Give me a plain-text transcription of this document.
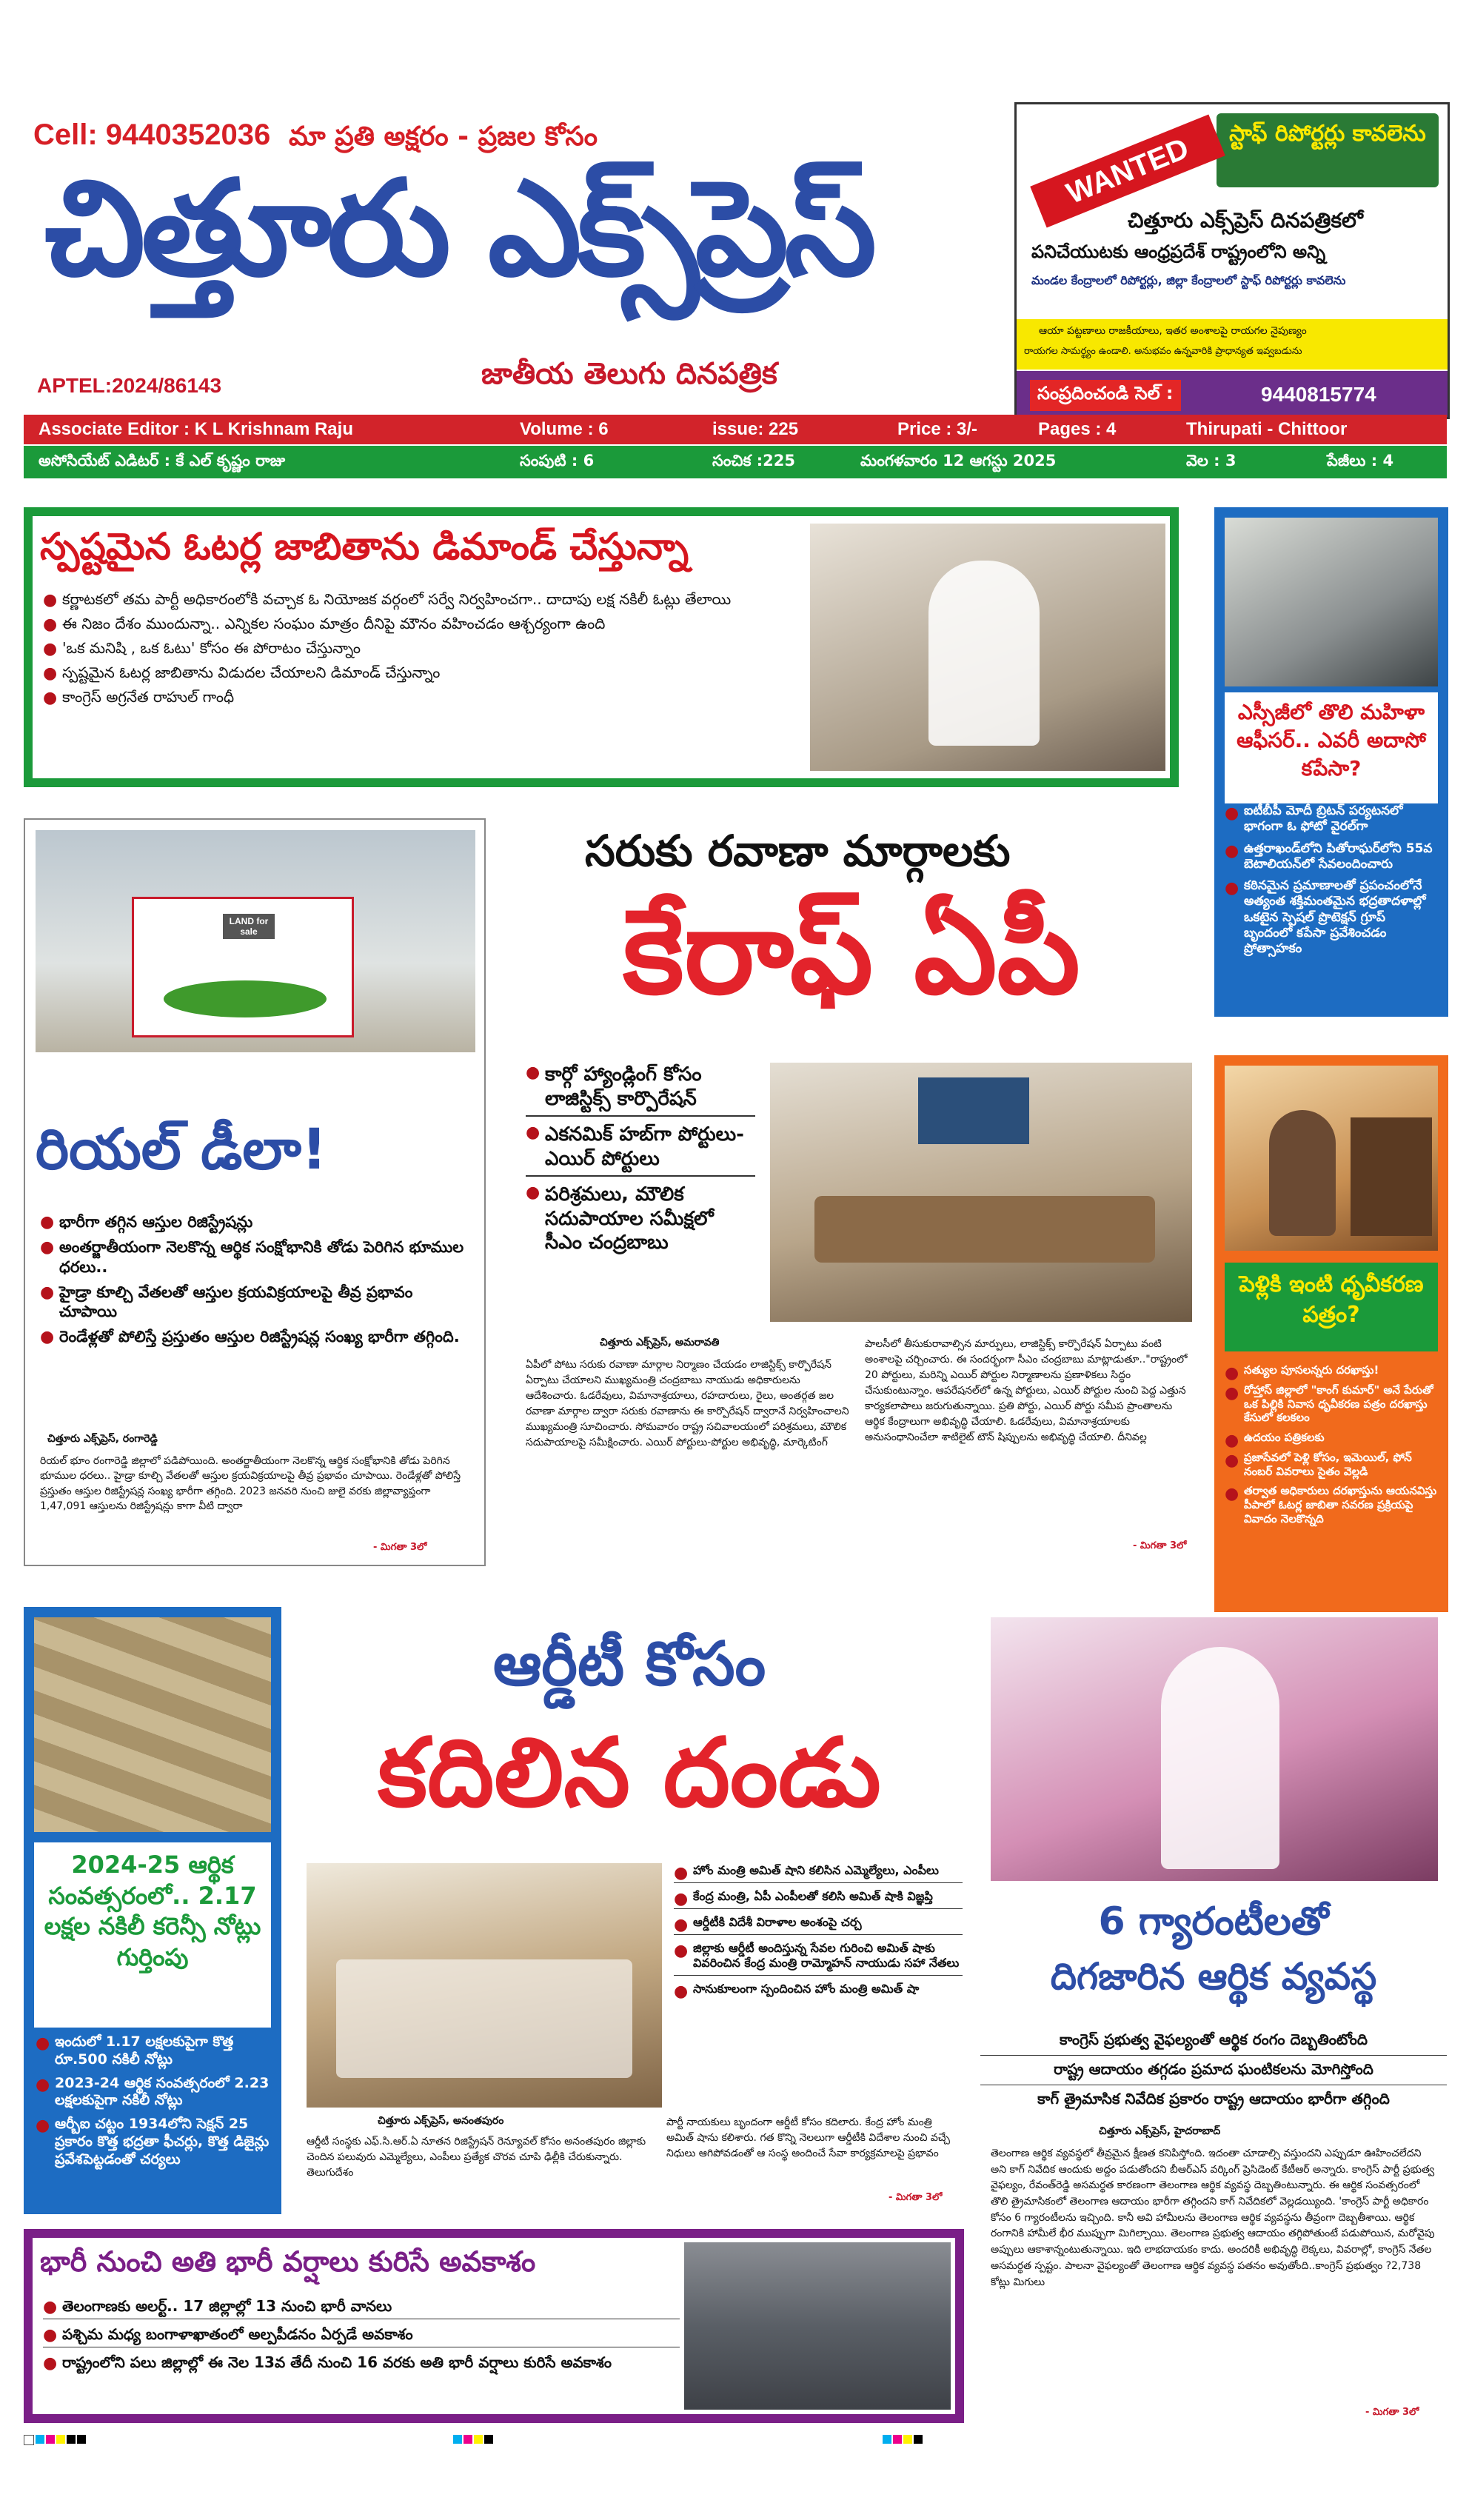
Cell: 9440352036 మా ప్రతి అక్షరం - ప్రజల కోసం
చిత్తూరు ఎక్స్‌ప్రెస్
APTEL:2024/86143	జాతీయ తెలుగు దినపత్రిక
స్టాఫ్ రిపోర్టర్లు కావలెను
WANTED
చిత్తూరు ఎక్స్‌ప్రెస్ దినపత్రికలో
పనిచేయుటకు ఆంధ్రప్రదేశ్ రాష్ట్రంలోని అన్ని
మండల కేంద్రాలలో రిపోర్టర్లు, జిల్లా కేంద్రాలలో స్టాఫ్ రిపోర్టర్లు కావలెను
ఆయా పట్టణాలు రాజకీయాలు, ఇతర అంశాలపై రాయగల నైపుణ్యం
రాయగల సామర్థ్యం ఉండాలి. అనుభవం ఉన్నవారికి ప్రాధాన్యత ఇవ్వబడును
సంప్రదించండి సెల్ :	9440815774
Associate Editor : K L Krishnam Raju	Volume : 6	issue: 225	Price : 3/-	Pages : 4	Thirupati - Chittoor
అసోసియేట్ ఎడిటర్ : కే ఎల్ కృష్ణం రాజు	సంపుటి : 6	సంచిక :225	మంగళవారం 12 ఆగస్టు 2025	వెల : 3	పేజీలు : 4
స్పష్టమైన ఓటర్ల జాబితాను డిమాండ్ చేస్తున్నా
● కర్ణాటకలో తమ పార్టీ అధికారంలోకి వచ్చాక ఓ నియోజక వర్గంలో సర్వే నిర్వహించగా.. దాదాపు లక్ష నకిలీ ఓట్లు తేలాయి
● ఈ నిజం దేశం ముందున్నా.. ఎన్నికల సంఘం మాత్రం దీనిపై మౌనం వహించడం ఆశ్చర్యంగా ఉంది
● 'ఒక మనిషి , ఒక ఓటు' కోసం ఈ పోరాటం చేస్తున్నాం
● స్పష్టమైన ఓటర్ల జాబితాను విడుదల చేయాలని డిమాండ్ చేస్తున్నాం
● కాంగ్రెస్ అగ్రనేత రాహుల్ గాంధీ
ఎస్సీజీలో తొలి మహిళా ఆఫీసర్.. ఎవరీ అదాసో కపేసా?
● ఐటీబీపీ మోదీ బ్రిటన్ పర్యటనలో భాగంగా ఓ ఫోటో వైరల్‌గా
● ఉత్తరాఖండ్‌లోని పితోరాఘర్‌లోని 55వ బెటాలియన్‌లో సేవలందించారు
● కఠినమైన ప్రమాణాలతో ప్రపంచంలోనే అత్యంత శక్తిమంతమైన భద్రతాదళాల్లో ఒకటైన స్పెషల్ ప్రొటెక్షన్ గ్రూప్ బృందంలో కపేసా ప్రవేశించడం ప్రోత్సాహకం
LAND for sale
రియల్ డీలా!
● భారీగా తగ్గిన ఆస్తుల రిజిస్ట్రేషన్లు
● అంతర్జాతీయంగా నెలకొన్న ఆర్థిక సంక్షోభానికి తోడు పెరిగిన భూముల ధరలు..
● హైడ్రా కూల్చి వేతలతో ఆస్తుల క్రయవిక్రయాలపై తీవ్ర ప్రభావం చూపాయి
● రెండేళ్లతో పోలిస్తే ప్రస్తుతం ఆస్తుల రిజిస్ట్రేషన్ల సంఖ్య భారీగా తగ్గింది.
చిత్తూరు ఎక్స్‌ప్రెస్, రంగారెడ్డి
రియల్ భూం రంగారెడ్డి జిల్లాలో పడిపోయింది. అంతర్జాతీయంగా నెలకొన్న ఆర్థిక సంక్షోభానికి తోడు పెరిగిన భూముల ధరలు.. హైడ్రా కూల్చి వేతలతో ఆస్తుల క్రయవిక్రయాలపై తీవ్ర ప్రభావం చూపాయి. రెండేళ్లతో పోలిస్తే ప్రస్తుతం ఆస్తుల రిజిస్ట్రేషన్ల సంఖ్య భారీగా తగ్గింది. 2023 జనవరి నుంచి జులై వరకు జిల్లావ్యాప్తంగా 1,47,091 ఆస్తులను రిజిస్ట్రేషన్లు కాగా వీటి ద్వారా
- మిగతా 3లో
సరుకు రవాణా మార్గాలకు
కేరాఫ్ ఏపీ
● కార్గో హ్యాండ్లింగ్ కోసం లాజిస్టిక్స్ కార్పొరేషన్
● ఎకనమిక్ హబ్‌గా పోర్టులు-ఎయిర్ పోర్టులు
● పరిశ్రమలు, మౌలిక సదుపాయాల సమీక్షలో సీఎం చంద్రబాబు
చిత్తూరు ఎక్స్‌ప్రెస్, అమరావతి
ఏపీలో పోటు సరుకు రవాణా మార్గాల నిర్మాణం చేయడం లాజిస్టిక్స్ కార్పొరేషన్ ఏర్పాటు చేయాలని ముఖ్యమంత్రి చంద్రబాబు నాయుడు అధికారులను ఆదేశించారు. ఓడరేవులు, విమానాశ్రయాలు, రహదారులు, రైలు, అంతర్గత జల రవాణా మార్గాల ద్వారా సరుకు రవాణాను ఈ కార్పొరేషన్ ద్వారానే నిర్వహించాలని ముఖ్యమంత్రి సూచించారు. సోమవారం రాష్ట్ర సచివాలయంలో పరిశ్రమలు, మౌలిక సదుపాయాలపై సమీక్షించారు. ఎయిర్ పోర్టులు-పోర్టుల అభివృద్ధి, మార్కెటింగ్
పాలసీలో తీసుకురావాల్సిన మార్పులు, లాజిస్టిక్స్ కార్పొరేషన్ ఏర్పాటు వంటి అంశాలపై చర్చించారు. ఈ సందర్భంగా సీఎం చంద్రబాబు మాట్లాడుతూ.."రాష్ట్రంలో 20 పోర్టులు, మరిన్ని ఎయిర్ పోర్టుల నిర్మాణాలను ప్రణాళికలు సిద్ధం చేసుకుంటున్నాం. ఆపరేషనల్‌లో ఉన్న పోర్టులు, ఎయిర్ పోర్టుల నుంచి పెద్ద ఎత్తున కార్యకలాపాలు జరుగుతున్నాయి. ప్రతి పోర్టు, ఎయిర్ పోర్టు సమీప ప్రాంతాలను ఆర్థిక కేంద్రాలుగా అభివృద్ధి చేయాలి. ఓడరేవులు, విమానాశ్రయాలకు అనుసంధానించేలా శాటిలైట్ టౌన్ షిప్పులను అభివృద్ధి చేయాలి. దీనివల్ల
- మిగతా 3లో
పెళ్లికి ఇంటి ధృవీకరణ పత్రం?
● సత్యుల పూసలన్నరు దరఖాస్తు!
● రోహ్తాస్ జిల్లాలో "కాంగ్ కుమార్" అనే పేరుతో ఒక పిల్లికి నివాస ధృవీకరణ పత్రం దరఖాస్తు కేసులో కలకలం
● ఉదయం పత్రికలకు
● ప్రజాసేవలో పెళ్లి కోసం, ఇమెయిల్, ఫోన్ నంబర్ వివరాలు సైతం వెల్లడి
● తర్వాత అధికారులు దరఖాస్తును ఆయనవిస్తు పీపాలో ఓటర్ల జాబితా సవరణ ప్రక్రియపై వివాదం నెలకొన్నది
2024-25 ఆర్థిక సంవత్సరంలో.. 2.17 లక్షల నకిలీ కరెన్సీ నోట్లు గుర్తింపు
● ఇందులో 1.17 లక్షలకుపైగా కొత్త రూ.500 నకిలీ నోట్లు
● 2023-24 ఆర్థిక సంవత్సరంలో 2.23 లక్షలకుపైగా నకిలీ నోట్లు
● ఆర్బీఐ చట్టం 1934లోని సెక్షన్ 25 ప్రకారం కొత్త భద్రతా ఫీచర్లు, కొత్త డిజైన్లు ప్రవేశపెట్టడంతో చర్యలు
ఆర్డీటీ కోసం
కదిలిన దండు
● హోం మంత్రి అమిత్ షాని కలిసిన ఎమ్మెల్యేలు, ఎంపీలు
● కేంద్ర మంత్రి, ఏపీ ఎంపీలతో కలిసి అమిత్ షాకి విజ్ఞప్తి
● ఆర్డీటీకి విదేశీ విరాళాల అంశంపై చర్చ
● జిల్లాకు ఆర్డీటీ అందిస్తున్న సేవల గురించి అమిత్ షాకు వివరించిన కేంద్ర మంత్రి రామ్మోహన్ నాయుడు సహా నేతలు
● సానుకూలంగా స్పందించిన హోం మంత్రి అమిత్ షా
చిత్తూరు ఎక్స్‌ప్రెస్, అనంతపురం
ఆర్డీటీ సంస్థకు ఎఫ్.సి.ఆర్.ఏ నూతన రిజిస్ట్రేషన్ రెన్యూవల్ కోసం అనంతపురం జిల్లాకు చెందిన పలువురు ఎమ్మెల్యేలు, ఎంపీలు ప్రత్యేక చొరవ చూపి ఢిల్లీకి చేరుకున్నారు. తెలుగుదేశం
పార్టీ నాయకులు బృందంగా ఆర్డీటీ కోసం కదిలారు. కేంద్ర హోం మంత్రి అమిత్ షాను కలిశారు. గత కొన్ని నెలలుగా ఆర్డీటీకి విదేశాల నుంచి వచ్చే నిధులు ఆగిపోవడంతో ఆ సంస్థ అందించే సేవా కార్యక్రమాలపై ప్రభావం
- మిగతా 3లో
6 గ్యారంటీలతో
దిగజారిన ఆర్థిక వ్యవస్థ
కాంగ్రెస్ ప్రభుత్వ వైఫల్యంతో ఆర్థిక రంగం దెబ్బతింటోంది
రాష్ట్ర ఆదాయం తగ్గడం ప్రమాద ఘంటికలను మోగిస్తోంది
కాగ్ త్రైమాసిక నివేదిక ప్రకారం రాష్ట్ర ఆదాయం భారీగా తగ్గింది
చిత్తూరు ఎక్స్‌ప్రెస్, హైదరాబాద్
తెలంగాణ ఆర్థిక వ్యవస్థలో తీవ్రమైన క్షీణత కనిపిస్తోంది. ఇదంతా చూడాల్సి వస్తుందని ఎప్పుడూ ఊహించలేదని అని కాగ్ నివేదిక ఆందుకు అద్దం పడుతోందని బీఆర్ఎస్ వర్కింగ్ ప్రెసిడెంట్ కేటీఆర్ అన్నారు. కాంగ్రెస్ పార్టీ ప్రభుత్వ వైఫల్యం, రేవంత్‌రెడ్డి అసమర్థత కారణంగా తెలంగాణ ఆర్థిక వ్యవస్థ దెబ్బతింటున్నారు. ఈ ఆర్థిక సంవత్సరంలో తొలి త్రైమాసికంలో తెలంగాణ ఆదాయం భారీగా తగ్గిందని కాగ్ నివేదికలో వెల్లడయ్యింది. 'కాంగ్రెస్ పార్టీ అధికారం కోసం 6 గ్యారంటీలను ఇచ్చింది. కానీ అవి హామీలను తెలంగాణ ఆర్థిక వ్యవస్థను తీవ్రంగా దెబ్బతీశాయి. ఆర్థిక రంగానికి హామీలే భీర ముప్పుగా మిగిల్చాయి. తెలంగాణ ప్రభుత్వ ఆదాయం తగ్గిపోతుంటే పడుపోయిన, మరోవైపు అప్పులు ఆకాశాన్నంటుతున్నాయి. ఇది లాభదాయకం కాదు. అందరికీ అభివృద్ధి లెక్కలు, వివరాల్లో, కాంగ్రెస్ నేతల అసమర్థత స్పష్టం. పాలనా వైఫల్యంతో తెలంగాణ ఆర్థిక వ్యవస్థ పతనం అవుతోంది..కాంగ్రెస్ ప్రభుత్వం ?2,738 కోట్లు మిగులు
- మిగతా 3లో
భారీ నుంచి అతి భారీ వర్షాలు కురిసే అవకాశం
● తెలంగాణకు అలర్ట్.. 17 జిల్లాల్లో 13 నుంచి భారీ వానలు
● పశ్చిమ మధ్య బంగాళాఖాతంలో అల్పపీడనం ఏర్పడే అవకాశం
● రాష్ట్రంలోని పలు జిల్లాల్లో ఈ నెల 13వ తేదీ నుంచి 16 వరకు అతి భారీ వర్షాలు కురిసే అవకాశం
